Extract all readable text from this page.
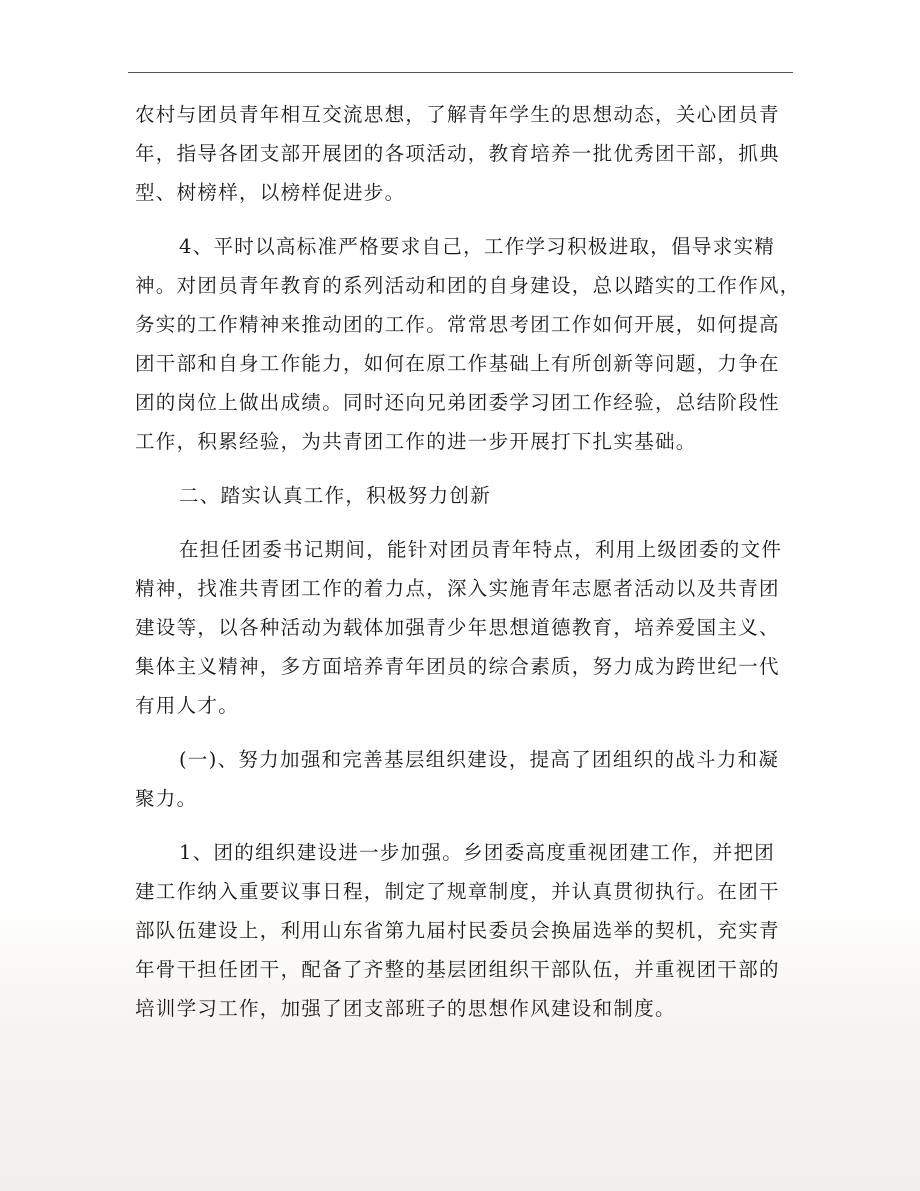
农村与团员青年相互交流思想，了解青年学生的思想动态，关心团员青
年，指导各团支部开展团的各项活动，教育培养一批优秀团干部，抓典
型、树榜样，以榜样促进步。
4、平时以高标准严格要求自己，工作学习积极进取，倡导求实精
神。对团员青年教育的系列活动和团的自身建设，总以踏实的工作作风，
务实的工作精神来推动团的工作。常常思考团工作如何开展，如何提高
团干部和自身工作能力，如何在原工作基础上有所创新等问题，力争在
团的岗位上做出成绩。同时还向兄弟团委学习团工作经验，总结阶段性
工作，积累经验，为共青团工作的进一步开展打下扎实基础。
二、踏实认真工作，积极努力创新
在担任团委书记期间，能针对团员青年特点，利用上级团委的文件
精神，找准共青团工作的着力点，深入实施青年志愿者活动以及共青团
建设等，以各种活动为载体加强青少年思想道德教育，培养爱国主义、
集体主义精神，多方面培养青年团员的综合素质，努力成为跨世纪一代
有用人才。
(一)、努力加强和完善基层组织建设，提高了团组织的战斗力和凝
聚力。
1、团的组织建设进一步加强。乡团委高度重视团建工作，并把团
建工作纳入重要议事日程，制定了规章制度，并认真贯彻执行。在团干
部队伍建设上，利用山东省第九届村民委员会换届选举的契机，充实青
年骨干担任团干，配备了齐整的基层团组织干部队伍，并重视团干部的
培训学习工作，加强了团支部班子的思想作风建设和制度。
